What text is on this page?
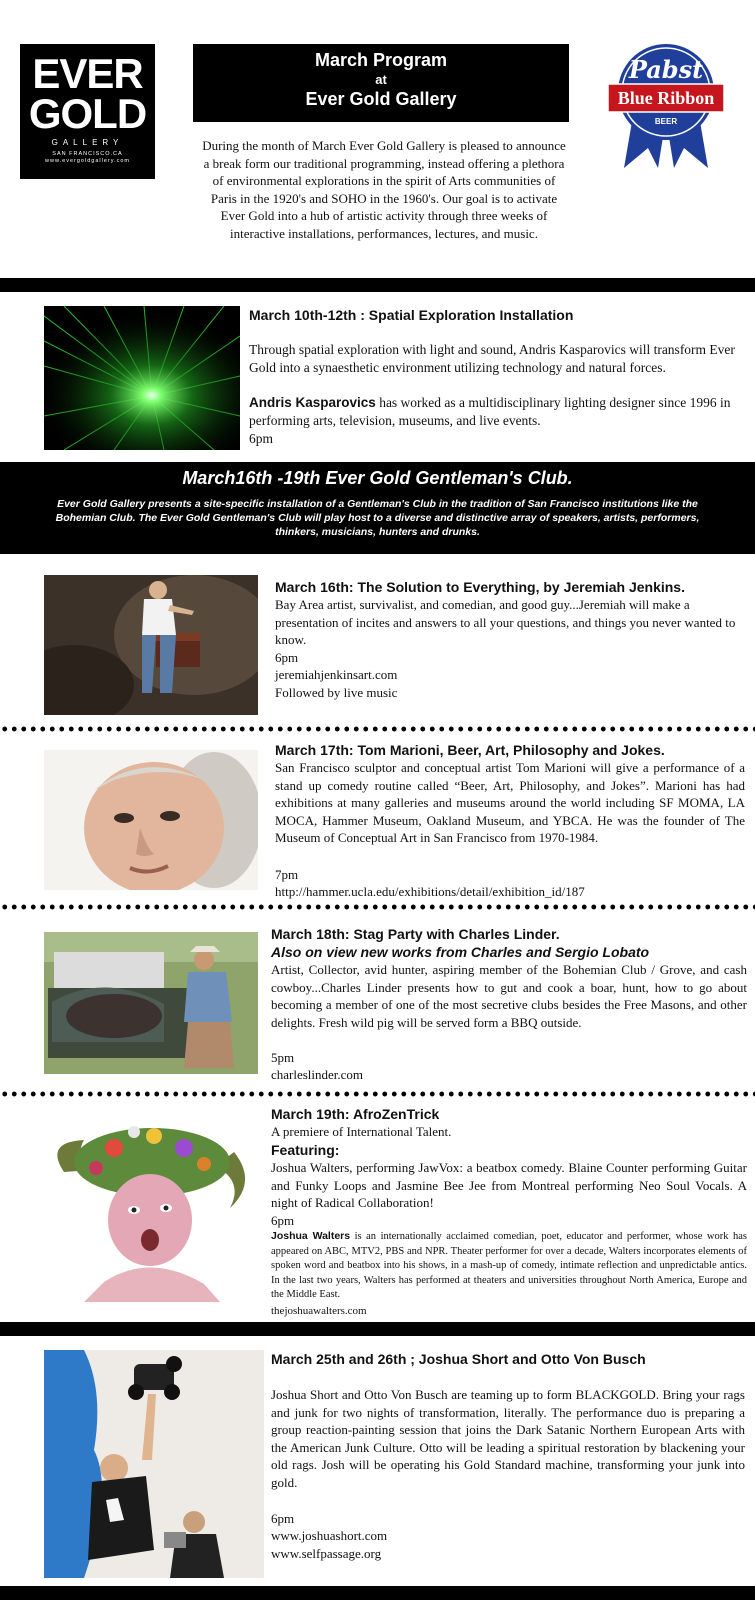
EVER
GOLD
GALLERY
SAN FRANCISCO.CA
www.evergoldgallery.com
March Program
at
Ever Gold Gallery
During the month of March Ever Gold Gallery is pleased to announce a break form our traditional programming, instead offering a plethora of environmental explorations in the spirit of Arts communities of Paris in the 1920's and SOHO in the 1960's. Our goal is to activate Ever Gold into a hub of artistic activity through three weeks of interactive installations, performances, lectures, and music.
Pabst
Blue Ribbon
BEER
March 10th-12th : Spatial Exploration Installation
Through spatial exploration with light and sound, Andris Kasparovics will transform Ever Gold into a synaesthetic environment utilizing technology and natural forces.
Andris Kasparovics has worked as a multidisciplinary lighting designer since 1996 in performing arts, television, museums, and live events.
6pm
March16th -19th Ever Gold Gentleman's Club.
Ever Gold Gallery presents a site-specific installation of a Gentleman's Club in the tradition of San Francisco institutions like the Bohemian Club. The Ever Gold Gentleman's Club will play host to a diverse and distinctive array of speakers, artists, performers, thinkers, musicians, hunters and drunks.
March 16th: The Solution to Everything, by Jeremiah Jenkins.
Bay Area artist, survivalist, and comedian, and good guy...Jeremiah will make a presentation of incites and answers to all your questions, and things you never wanted to know.
6pm
jeremiahjenkinsart.com
Followed by live music
March 17th: Tom Marioni, Beer, Art, Philosophy and Jokes.
San Francisco sculptor and conceptual artist Tom Marioni will give a performance of a stand up comedy routine called “Beer, Art, Philosophy, and Jokes”. Marioni has had exhibitions at many galleries and museums around the world including SF MOMA, LA MOCA, Hammer Museum, Oakland Museum, and YBCA. He was the founder of The Museum of Conceptual Art in San Francisco from 1970-1984.
7pm
http://hammer.ucla.edu/exhibitions/detail/exhibition_id/187
March 18th: Stag Party with Charles Linder.
Also on view new works from Charles and Sergio Lobato
Artist, Collector, avid hunter, aspiring member of the Bohemian Club / Grove, and cash cowboy...Charles Linder presents how to gut and cook a boar, hunt, how to go about becoming a member of one of the most secretive clubs besides the Free Masons, and other delights. Fresh wild pig will be served form a BBQ outside.
5pm
charleslinder.com
March 19th: AfroZenTrick
A premiere of International Talent.
Featuring:
Joshua Walters, performing JawVox: a beatbox comedy. Blaine Counter performing Guitar and Funky Loops and Jasmine Bee Jee from Montreal performing Neo Soul Vocals. A night of Radical Collaboration!
6pm
Joshua Walters is an internationally acclaimed comedian, poet, educator and performer, whose work has appeared on ABC, MTV2, PBS and NPR. Theater performer for over a decade, Walters incorporates elements of spoken word and beatbox into his shows, in a mash-up of comedy, intimate reflection and unpredictable antics. In the last two years, Walters has performed at theaters and universities throughout North America, Europe and the Middle East.
thejoshuawalters.com
March 25th and 26th ; Joshua Short and Otto Von Busch
Joshua Short and Otto Von Busch are teaming up to form BLACKGOLD. Bring your rags and junk for two nights of transformation, literally. The performance duo is preparing a group reaction-painting session that joins the Dark Satanic Northern European Arts with the American Junk Culture. Otto will be leading a spiritual restoration by blackening your old rags. Josh will be operating his Gold Standard machine, transforming your junk into gold.
6pm
www.joshuashort.com
www.selfpassage.org
